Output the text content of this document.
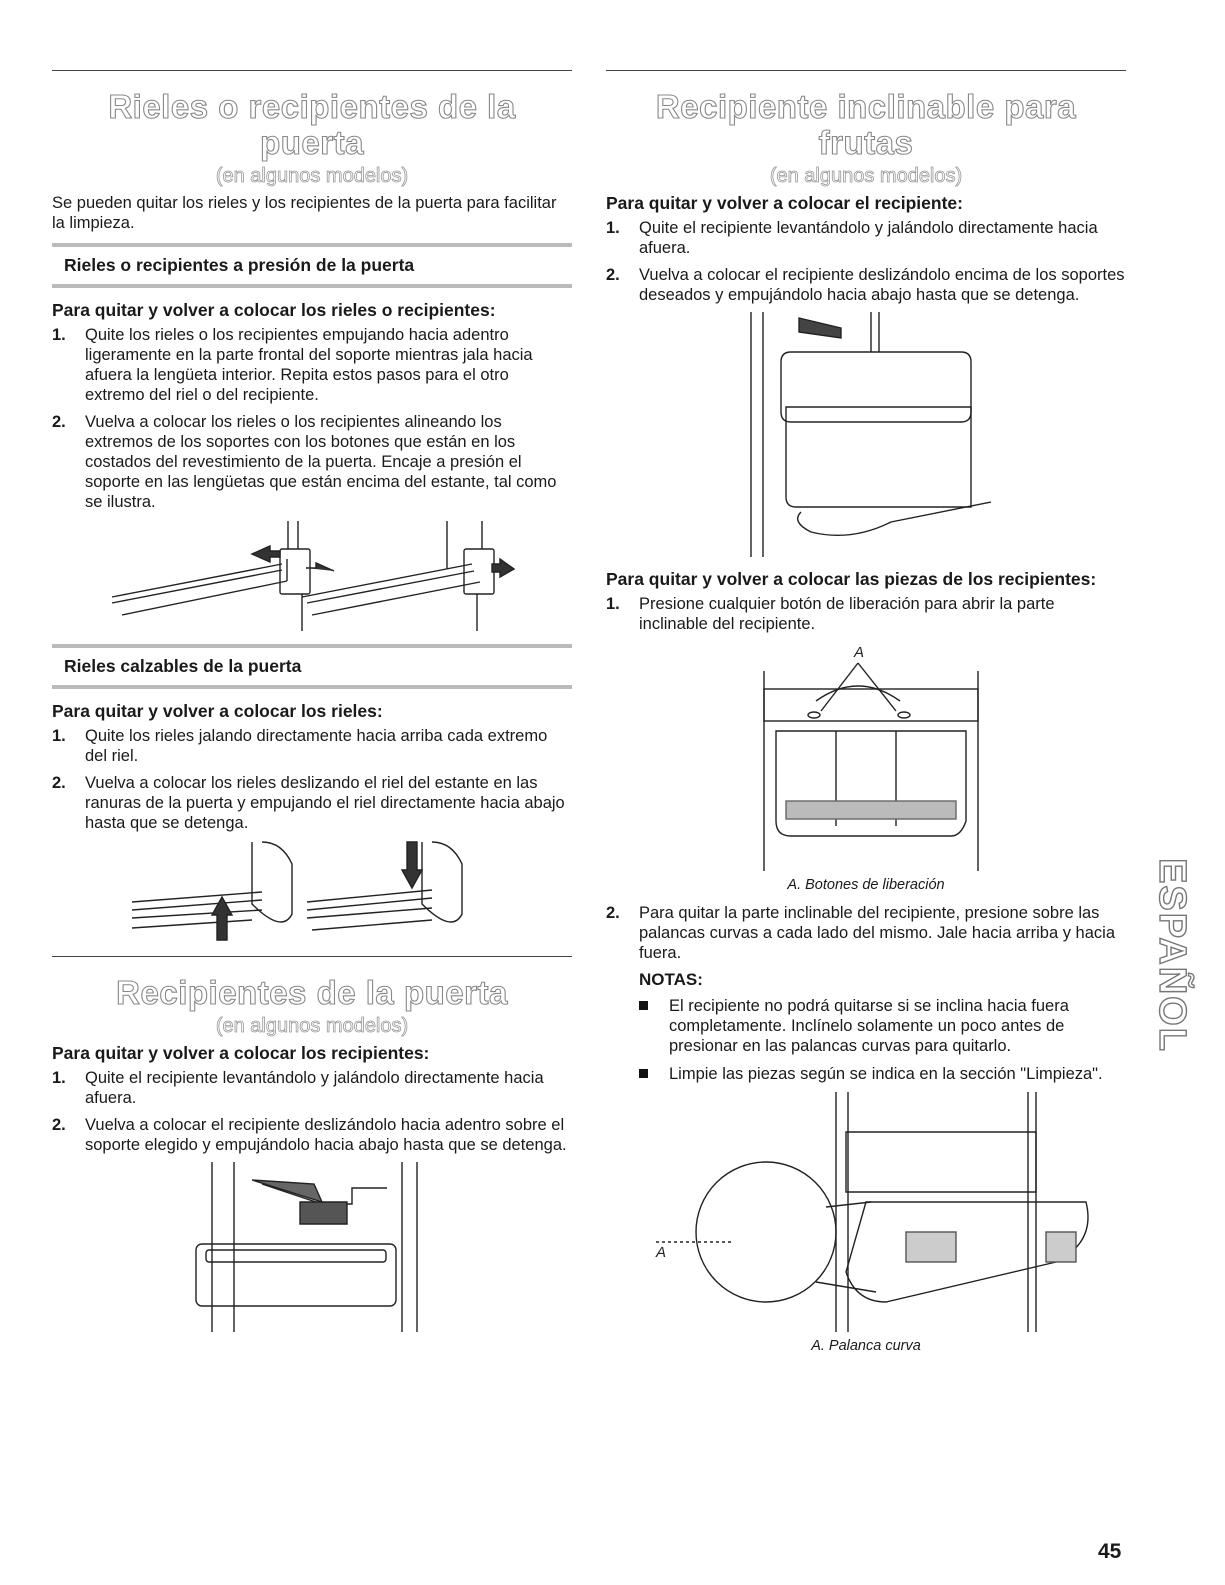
Rieles o recipientes de la puerta
(en algunos modelos)

Se pueden quitar los rieles y los recipientes de la puerta para facilitar la limpieza.

Rieles o recipientes a presión de la puerta
Para quitar y volver a colocar los rieles o recipientes:
1. Quite los rieles o los recipientes empujando hacia adentro ligeramente en la parte frontal del soporte mientras jala hacia afuera la lengüeta interior. Repita estos pasos para el otro extremo del riel o del recipiente.
2. Vuelva a colocar los rieles o los recipientes alineando los extremos de los soportes con los botones que están en los costados del revestimiento de la puerta. Encaje a presión el soporte en las lengüetas que están encima del estante, tal como se ilustra.
Rieles calzables de la puerta
Para quitar y volver a colocar los rieles:
1. Quite los rieles jalando directamente hacia arriba cada extremo del riel.
2. Vuelva a colocar los rieles deslizando el riel del estante en las ranuras de la puerta y empujando el riel directamente hacia abajo hasta que se detenga.
Recipientes de la puerta
(en algunos modelos)
Para quitar y volver a colocar los recipientes:
1. Quite el recipiente levantándolo y jalándolo directamente hacia afuera.
2. Vuelva a colocar el recipiente deslizándolo hacia adentro sobre el soporte elegido y empujándolo hacia abajo hasta que se detenga.
Recipiente inclinable para frutas
(en algunos modelos)
Para quitar y volver a colocar el recipiente:
1. Quite el recipiente levantándolo y jalándolo directamente hacia afuera.
2. Vuelva a colocar el recipiente deslizándolo encima de los soportes deseados y empujándolo hacia abajo hasta que se detenga.
Para quitar y volver a colocar las piezas de los recipientes:
1. Presione cualquier botón de liberación para abrir la parte inclinable del recipiente.
A
A. Botones de liberación
2. Para quitar la parte inclinable del recipiente, presione sobre las palancas curvas a cada lado del mismo. Jale hacia arriba y hacia fuera.
NOTAS:
El recipiente no podrá quitarse si se inclina hacia fuera completamente. Inclínelo solamente un poco antes de presionar en las palancas curvas para quitarlo.
Limpie las piezas según se indica en la sección "Limpieza".
A
A. Palanca curva
ESPAÑOL
45
